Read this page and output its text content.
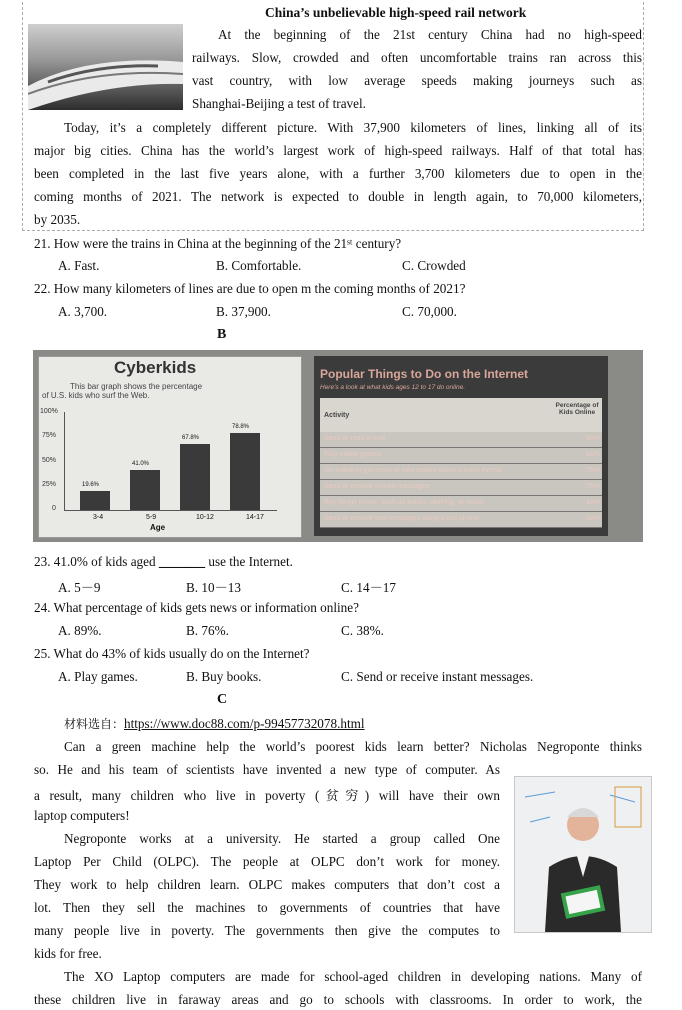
China’s unbelievable high-speed rail network
At the beginning of the 21st century China had no high-speed
railways. Slow, crowded and often uncomfortable trains ran across this
vast country, with low average speeds making journeys such as
Shanghai-Beijing a test of travel.
Today, it’s a completely different picture. With 37,900 kilometers of lines, linking all of its
major big cities. China has the world’s largest work of high-speed railways. Half of that total has
been completed in the last five years alone, with a further 3,700 kilometers due to open in the
coming months of 2021. The network is expected to double in length again, to 70,000 kilometers,
by 2035.
21. How were the trains in China at the beginning of the 21ˢᵗ century?
A. Fast.	B. Comfortable.	C. Crowded
22. How many kilometers of lines are due to open m the coming months of 2021?
A. 3,700.	B. 37,900.	C. 70,000.
B
Cyberkids
This bar graph shows the percentage
of U.S. kids who surf the Web.
100%
75%
50%
25%
0
19.6%
41.0%
67.8%
78.8%
3-4	5-9	10-12	14-17
Age
Popular Things to Do on the Internet
Here's a look at what kids ages 12 to 17 do online.
Activity
Percentage of Kids Online
Send or read e-mail	89%
Play online games	81%
Go online to get news or information about current events	76%
Send or receive instant messages	75%
Buy things online, such as books, clothing, or music	43%
Send or receive text messages using a cell phone	38%
23. 41.0% of kids aged _______ use the Internet.
A. 5－9	B. 10－13	C. 14－17
24. What percentage of kids gets news or information online?
A. 89%.	B. 76%.	C. 38%.
25. What do 43% of kids usually do on the Internet?
A. Play games.	B. Buy books.	C. Send or receive instant messages.
C
材料选自：https://www.doc88.com/p-99457732078.html
Can a green machine help the world’s poorest kids learn better? Nicholas Negroponte thinks
so. He and his team of scientists have invented a new type of computer. As
a result, many children who live in poverty (贫穷) will have their own
laptop computers!
Negroponte works at a university. He started a group called One
Laptop Per Child (OLPC). The people at OLPC don’t work for money.
They work to help children learn. OLPC makes computers that don’t cost a
lot. Then they sell the machines to governments of countries that have
many people live in poverty. The governments then give the computes to
kids for free.
The XO Laptop computers are made for school-aged children in developing nations. Many of
these children live in faraway areas and go to schools with classrooms. In order to work, the
